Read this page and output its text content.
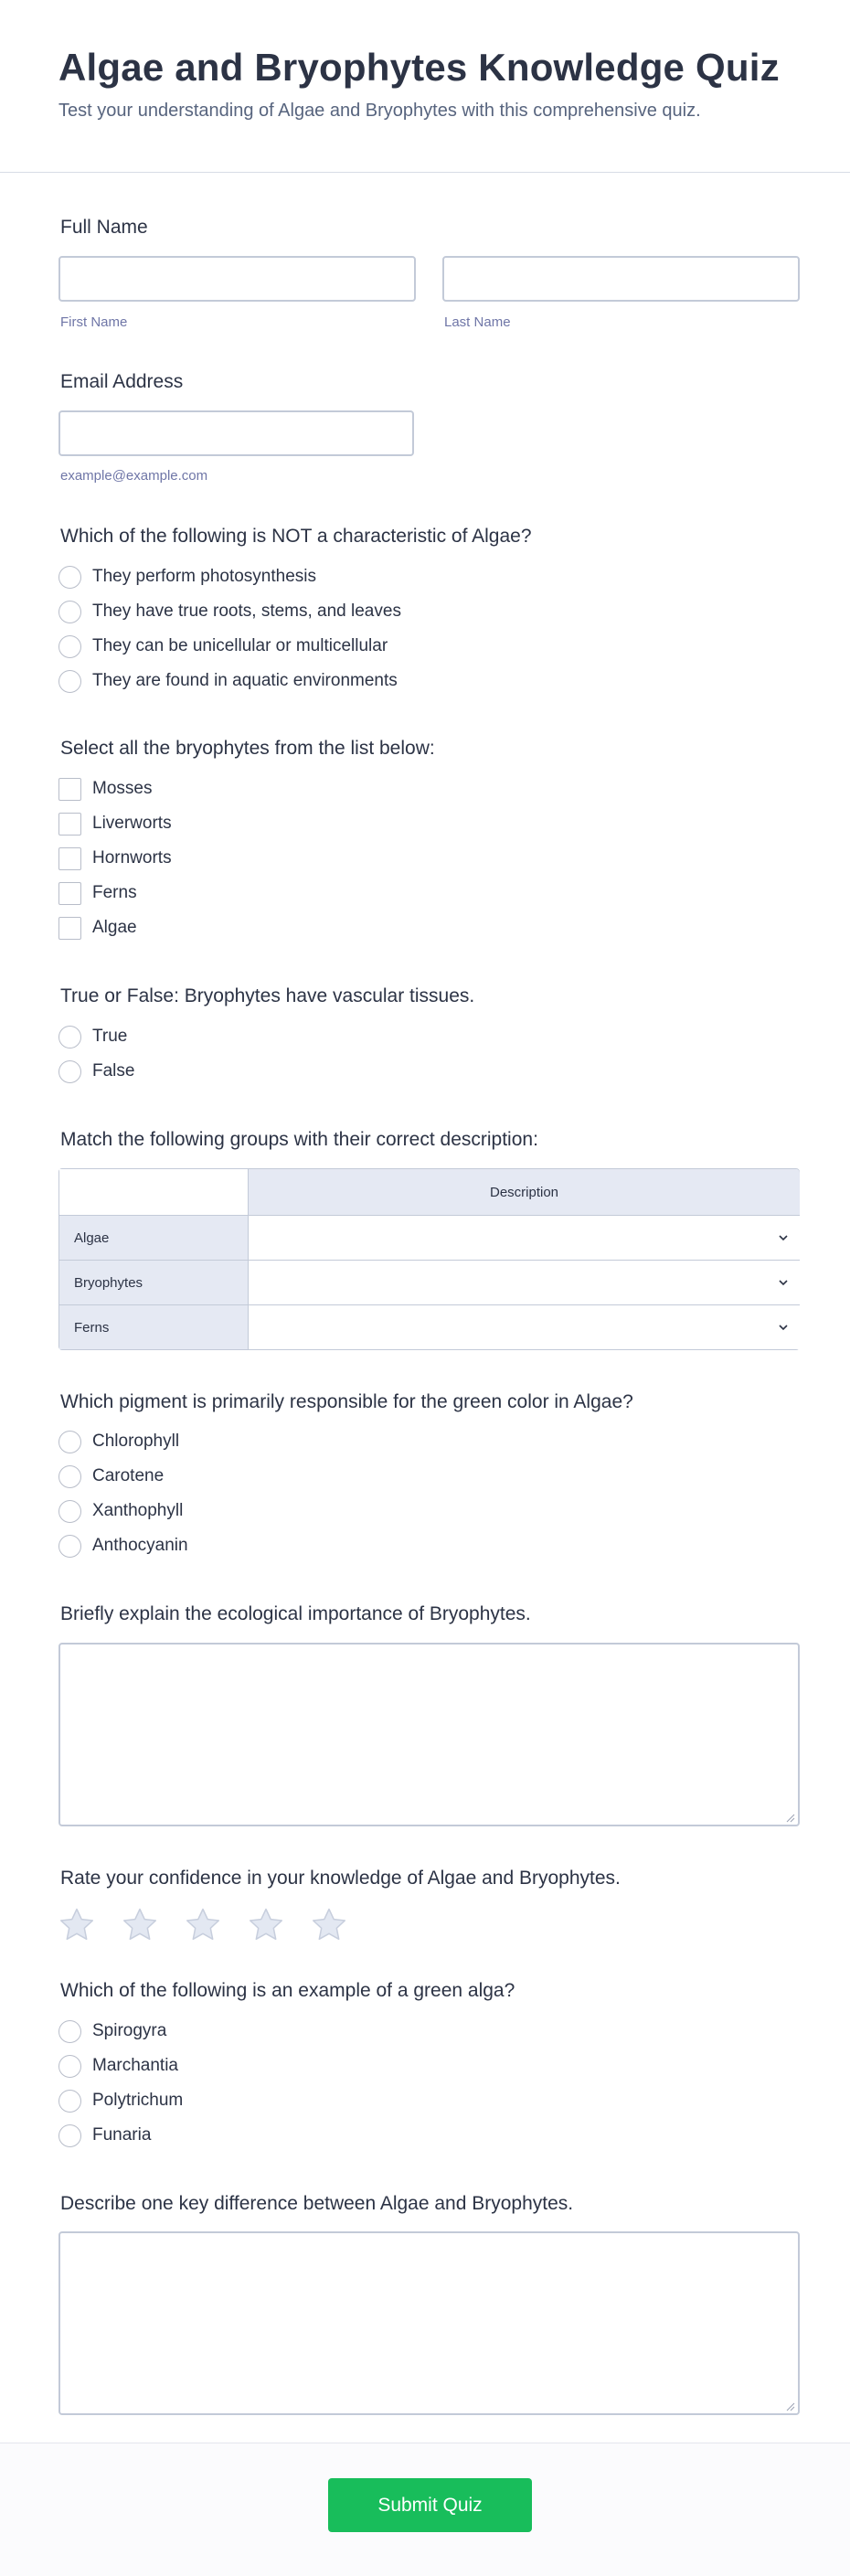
Algae and Bryophytes Knowledge Quiz

Test your understanding of Algae and Bryophytes with this comprehensive quiz.

Full Name
First Name	Last Name
Email Address
example@example.com
Which of the following is NOT a characteristic of Algae?
They perform photosynthesis
They have true roots, stems, and leaves
They can be unicellular or multicellular
They are found in aquatic environments
Select all the bryophytes from the list below:
Mosses
Liverworts
Hornworts
Ferns
Algae
True or False: Bryophytes have vascular tissues.
True
False
Match the following groups with their correct description:
Description
Algae
Bryophytes
Ferns
Which pigment is primarily responsible for the green color in Algae?
Chlorophyll
Carotene
Xanthophyll
Anthocyanin
Briefly explain the ecological importance of Bryophytes.
Rate your confidence in your knowledge of Algae and Bryophytes.
Which of the following is an example of a green alga?
Spirogyra
Marchantia
Polytrichum
Funaria
Describe one key difference between Algae and Bryophytes.
Submit Quiz
